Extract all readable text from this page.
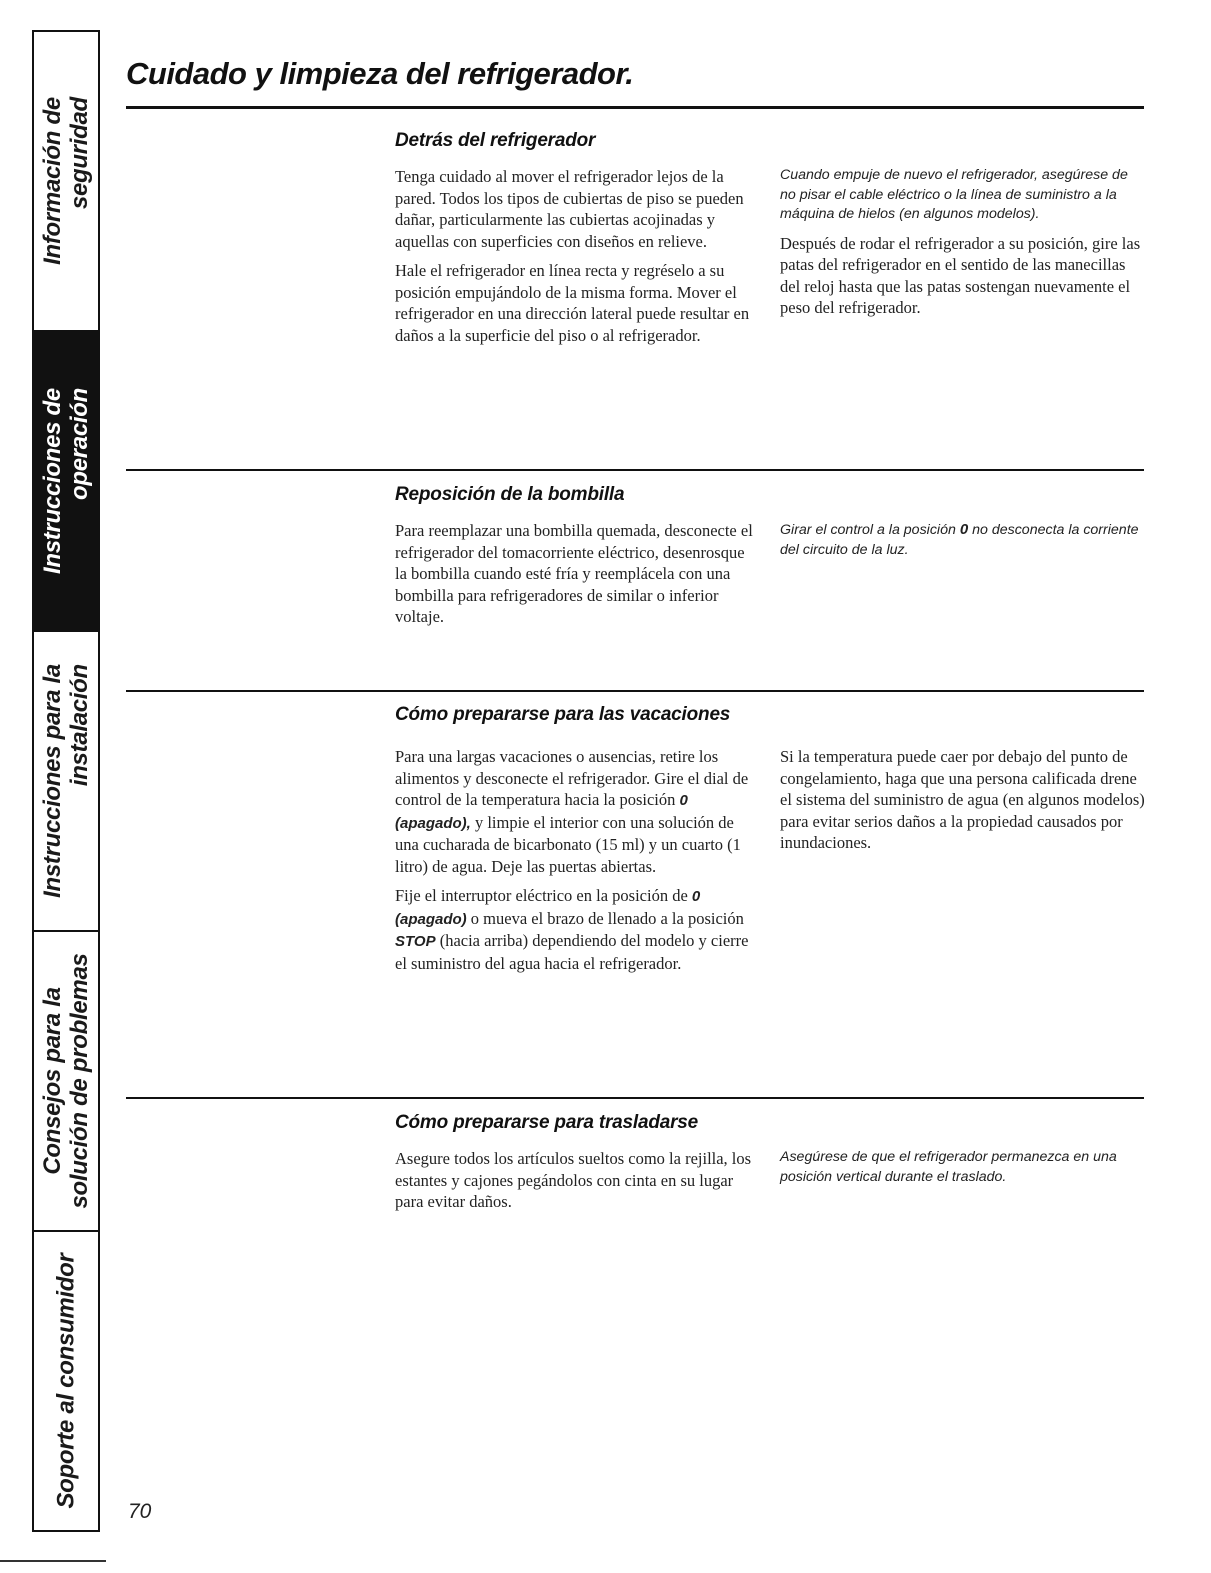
Información de seguridad
Instrucciones de operación
Instrucciones para la instalación
Consejos para la solución de problemas
Soporte al consumidor
Cuidado y limpieza del refrigerador.
Detrás del refrigerador

Tenga cuidado al mover el refrigerador lejos de la pared. Todos los tipos de cubiertas de piso se pueden dañar, particularmente las cubiertas acojinadas y aquellas con superficies con diseños en relieve.

Hale el refrigerador en línea recta y regréselo a su posición empujándolo de la misma forma. Mover el refrigerador en una dirección lateral puede resultar en daños a la superficie del piso o al refrigerador.

Cuando empuje de nuevo el refrigerador, asegúrese de no pisar el cable eléctrico o la línea de suministro a la máquina de hielos (en algunos modelos).

Después de rodar el refrigerador a su posición, gire las patas del refrigerador en el sentido de las manecillas del reloj hasta que las patas sostengan nuevamente el peso del refrigerador.

Reposición de la bombilla

Para reemplazar una bombilla quemada, desconecte el refrigerador del tomacorriente eléctrico, desenrosque la bombilla cuando esté fría y reemplácela con una bombilla para refrigeradores de similar o inferior voltaje.

Girar el control a la posición 0 no desconecta la corriente del circuito de la luz.

Cómo prepararse para las vacaciones

Para una largas vacaciones o ausencias, retire los alimentos y desconecte el refrigerador. Gire el dial de control de la temperatura hacia la posición 0 (apagado), y limpie el interior con una solución de una cucharada de bicarbonato (15 ml) y un cuarto (1 litro) de agua. Deje las puertas abiertas.

Fije el interruptor eléctrico en la posición de 0 (apagado) o mueva el brazo de llenado a la posición STOP (hacia arriba) dependiendo del modelo y cierre el suministro del agua hacia el refrigerador.

Si la temperatura puede caer por debajo del punto de congelamiento, haga que una persona calificada drene el sistema del suministro de agua (en algunos modelos) para evitar serios daños a la propiedad causados por inundaciones.

Cómo prepararse para trasladarse

Asegure todos los artículos sueltos como la rejilla, los estantes y cajones pegándolos con cinta en su lugar para evitar daños.

Asegúrese de que el refrigerador permanezca en una posición vertical durante el traslado.

70
